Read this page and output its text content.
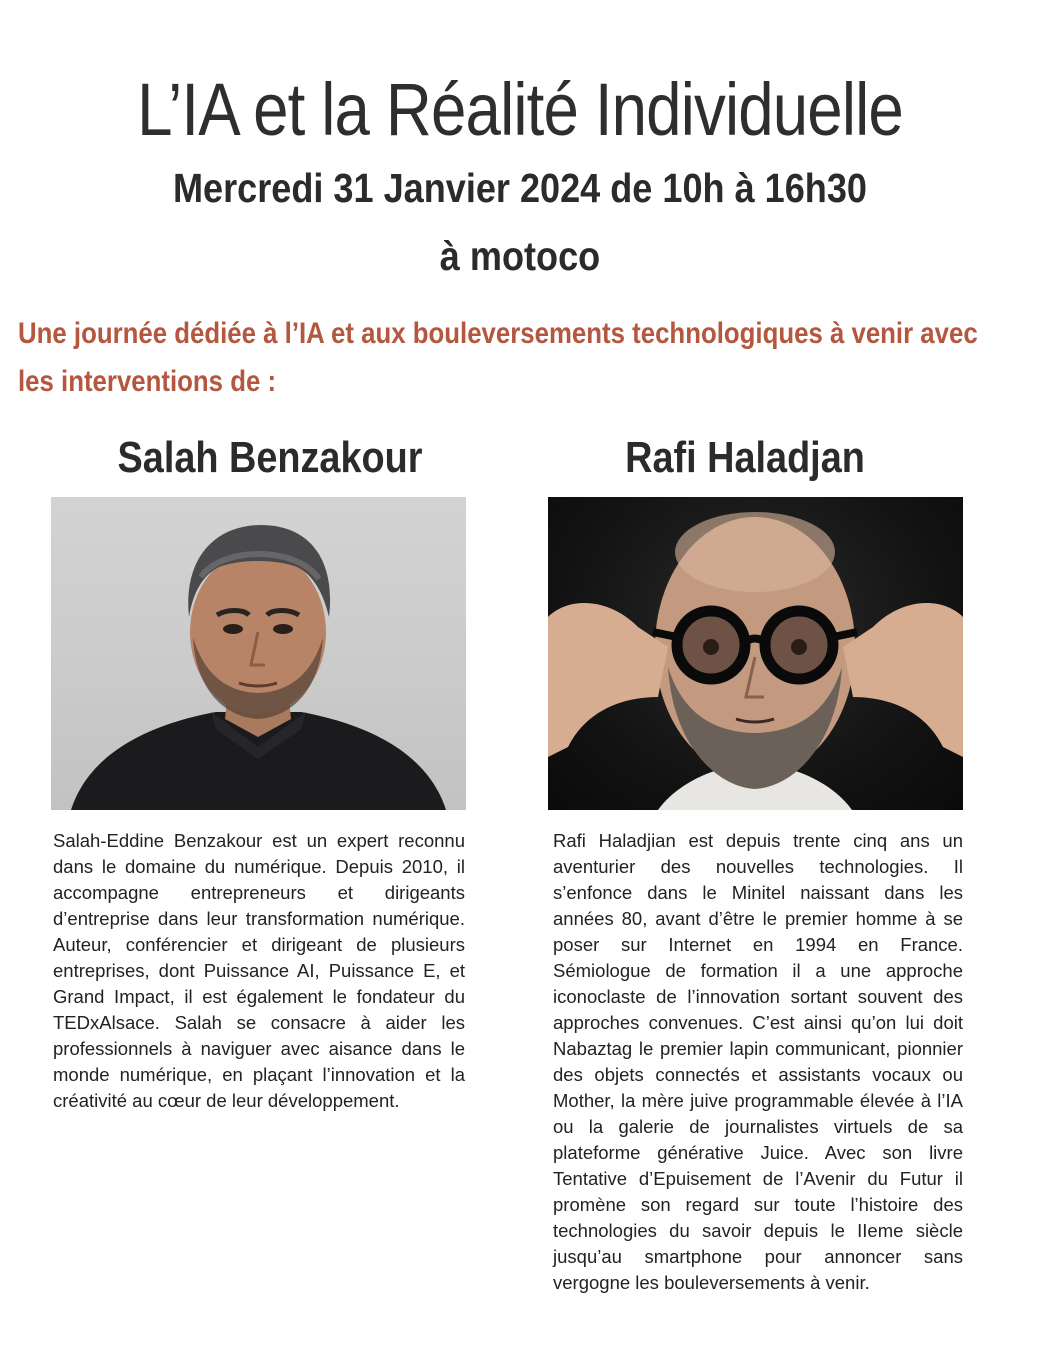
L’IA et la Réalité Individuelle
Mercredi 31 Janvier 2024 de 10h à 16h30
à motoco

Une journée dédiée à l’IA et aux bouleversements technologiques à venir avec les interventions de :

Salah Benzakour	Rafi Haladjan

Salah-Eddine Benzakour est un expert reconnu dans le domaine du numérique. Depuis 2010, il accompagne entrepreneurs et dirigeants d’entreprise dans leur transformation numérique. Auteur, conférencier et dirigeant de plusieurs entreprises, dont Puissance AI, Puissance E, et Grand Impact, il est également le fondateur du TEDxAlsace. Salah se consacre à aider les professionnels à naviguer avec aisance dans le monde numérique, en plaçant l’innovation et la créativité au cœur de leur développement.

Rafi Haladjian est depuis trente cinq ans un aventurier des nouvelles technologies. Il s’enfonce dans le Minitel naissant dans les années 80, avant d’être le premier homme à se poser sur Internet en 1994 en France. Sémiologue de formation il a une approche iconoclaste de l’innovation sortant souvent des approches convenues. C’est ainsi qu’on lui doit Nabaztag le premier lapin communicant, pionnier des objets connectés et assistants vocaux ou Mother, la mère juive programmable élevée à l’IA ou la galerie de journalistes virtuels de sa plateforme générative Juice. Avec son livre Tentative d’Epuisement de l’Avenir du Futur il promène son regard sur toute l’histoire des technologies du savoir depuis le IIeme siècle jusqu’au smartphone pour annoncer sans vergogne les bouleversements à venir.
